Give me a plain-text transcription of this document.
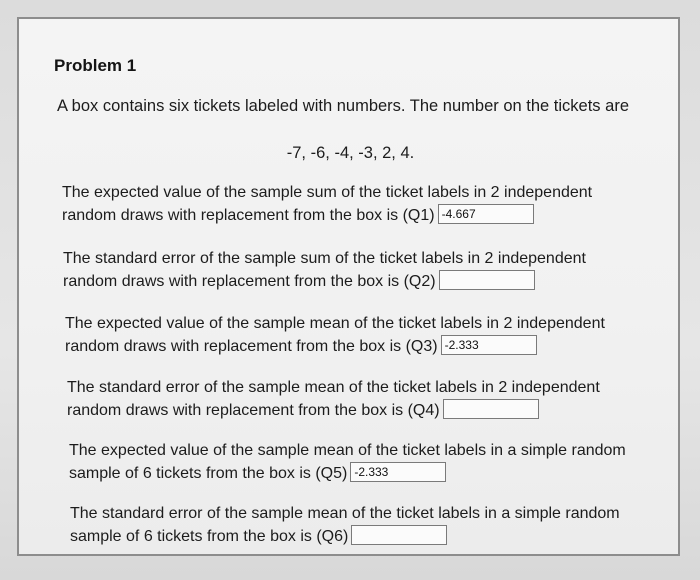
Problem 1
A box contains six tickets labeled with numbers. The number on the tickets are
-7, -6, -4, -3, 2, 4.
The expected value of the sample sum of the ticket labels in 2 independent
random draws with replacement from the box is (Q1)-4.667
The standard error of the sample sum of the ticket labels in 2 independent
random draws with replacement from the box is (Q2)
The expected value of the sample mean of the ticket labels in 2 independent
random draws with replacement from the box is (Q3)-2.333
The standard error of the sample mean of the ticket labels in 2 independent
random draws with replacement from the box is (Q4)
The expected value of the sample mean of the ticket labels in a simple random
sample of 6 tickets from the box is (Q5)-2.333
The standard error of the sample mean of the ticket labels in a simple random
sample of 6 tickets from the box is (Q6)
